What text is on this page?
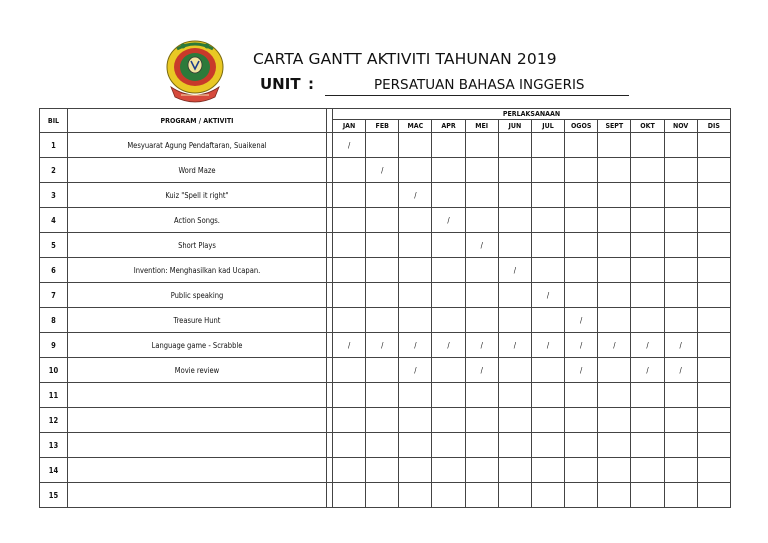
CARTA GANTT AKTIVITI TAHUNAN 2019
UNIT :	PERSATUAN BAHASA INGGERIS
BIL	PROGRAM / AKTIVITI		PERLAKSANAAN											
			JAN	FEB	MAC	APR	MEI	JUN	JUL	OGOS	SEPT	OKT	NOV	DIS
1	Mesyuarat Agung Pendaftaran, Suaikenal		/											
2	Word Maze			/										
3	Kuiz "Spell it right"				/									
4	Action Songs.					/								
5	Short Plays						/							
6	Invention: Menghasilkan kad Ucapan.							/						
7	Public speaking								/					
8	Treasure Hunt									/				
9	Language game - Scrabble		/	/	/	/	/	/	/	/	/	/	/	
10	Movie review				/		/			/		/	/	
11														
12														
13														
14														
15														
